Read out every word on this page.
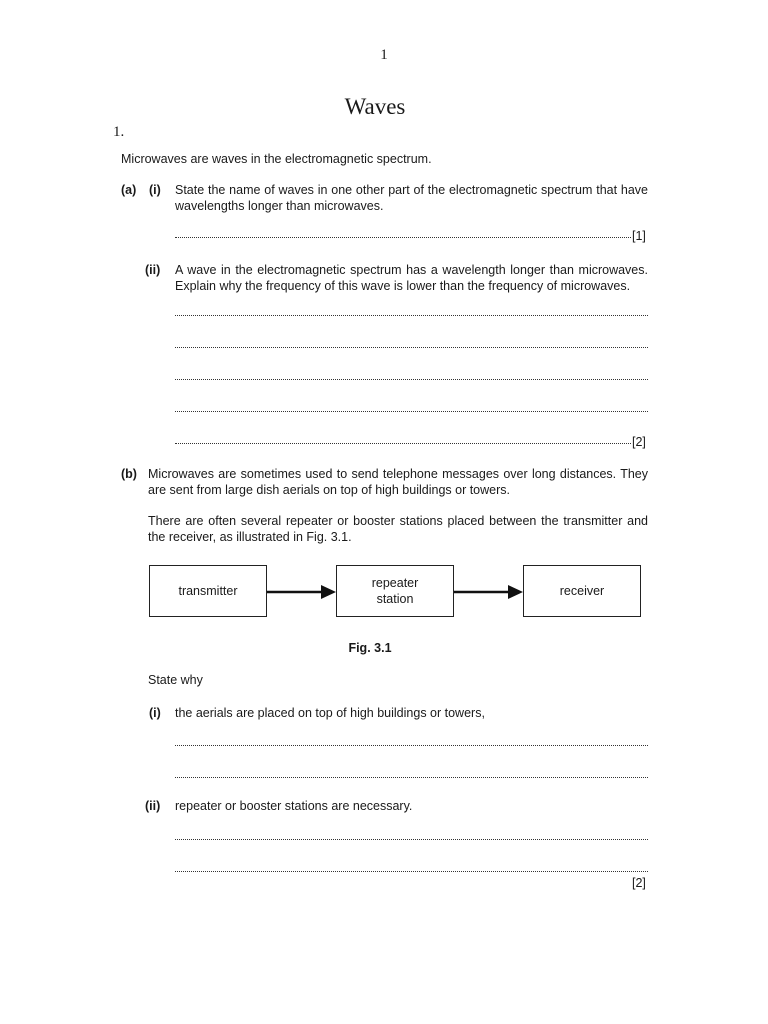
1
Waves
1.
Microwaves are waves in the electromagnetic spectrum.
(a) (i) State the name of waves in one other part of the electromagnetic spectrum that have wavelengths longer than microwaves.
[1]
(ii) A wave in the electromagnetic spectrum has a wavelength longer than microwaves. Explain why the frequency of this wave is lower than the frequency of microwaves.
[2]
(b) Microwaves are sometimes used to send telephone messages over long distances. They are sent from large dish aerials on top of high buildings or towers.
There are often several repeater or booster stations placed between the transmitter and the receiver, as illustrated in Fig. 3.1.
transmitter
repeater station
receiver
Fig. 3.1
State why
(i) the aerials are placed on top of high buildings or towers,
(ii) repeater or booster stations are necessary.
[2]
